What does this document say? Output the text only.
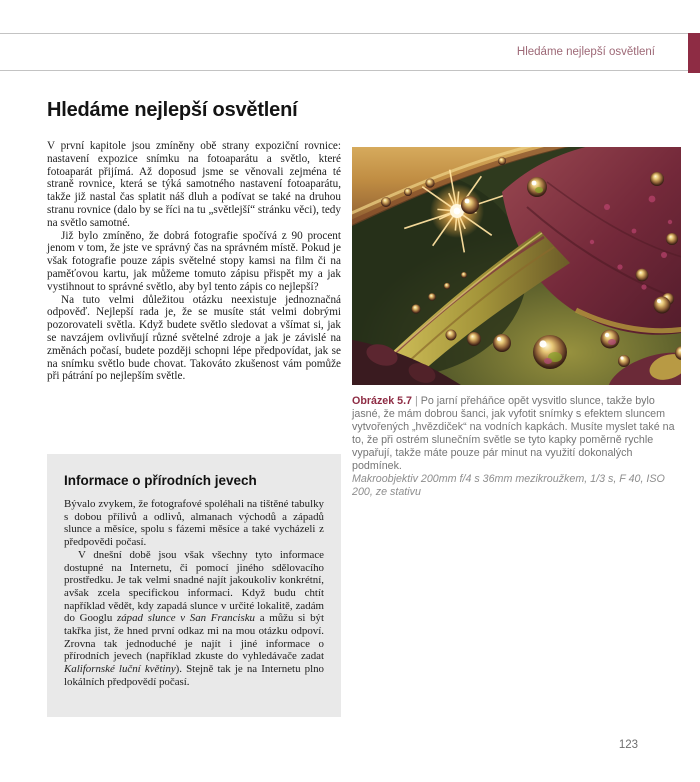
Hledáme nejlepší osvětlení
Hledáme nejlepší osvětlení

V první kapitole jsou zmíněny obě strany expoziční rovnice: nastavení expozice snímku na fotoaparátu a světlo, které fotoaparát přijímá. Až doposud jsme se věnovali zejména té straně rovnice, která se týká samotného nastavení fotoaparátu, takže již nastal čas splatit náš dluh a podívat se také na druhou stranu rovnice (dalo by se říci na tu „světlejší“ stránku věci), tedy na světlo samotné.

Již bylo zmíněno, že dobrá fotografie spočívá z 90 procent jenom v tom, že jste ve správný čas na správném místě. Pokud je však fotografie pouze zápis světelné stopy kamsi na film či na paměťovou kartu, jak můžeme tomuto zápisu přispět my a jak vystihnout to správné světlo, aby byl tento zápis co nejlepší?

Na tuto velmi důležitou otázku neexistuje jednoznačná odpověď. Nejlepší rada je, že se musíte stát velmi dobrými pozorovateli světla. Když budete světlo sledovat a všímat si, jak se navzájem ovlivňují různé světelné zdroje a jak je závislé na změnách počasí, budete později schopni lépe předpovídat, jak se na snímku světlo bude chovat. Takováto zkušenost vám pomůže při pátrání po nejlepším světle.

Informace o přírodních jevech

Bývalo zvykem, že fotografové spoléhali na tištěné tabulky s dobou přílivů a odlivů, almanach východů a západů slunce a měsíce, spolu s fázemi měsíce a také vycházeli z předpovědi počasí.

V dnešní době jsou však všechny tyto informace dostupné na Internetu, či pomocí jiného sdělovacího prostředku. Je tak velmi snadné najít jakoukoliv konkrétní, avšak zcela specifickou informaci. Když budu chtít například vědět, kdy zapadá slunce v určité lokalitě, zadám do Googlu západ slunce v San Francisku a můžu si být takřka jist, že hned první odkaz mi na mou otázku odpoví. Zrovna tak jednoduché je najít i jiné informace o přírodních jevech (například zkuste do vyhledávače zadat Kalifornské luční květiny). Stejně tak je na Internetu plno lokálních předpovědí počasí.

Obrázek 5.7 | Po jarní přeháňce opět vysvitlo slunce, takže bylo jasné, že mám dobrou šanci, jak vyfotit snímky s efektem sluncem vytvořených „hvězdiček“ na vodních kapkách. Musíte myslet také na to, že při ostrém slunečním světle se tyto kapky poměrně rychle vypařují, takže máte pouze pár minut na využití dokonalých podmínek.
Makroobjektiv 200mm f/4 s 36mm mezikroužkem, 1/3 s, F 40, ISO 200, ze stativu
123
